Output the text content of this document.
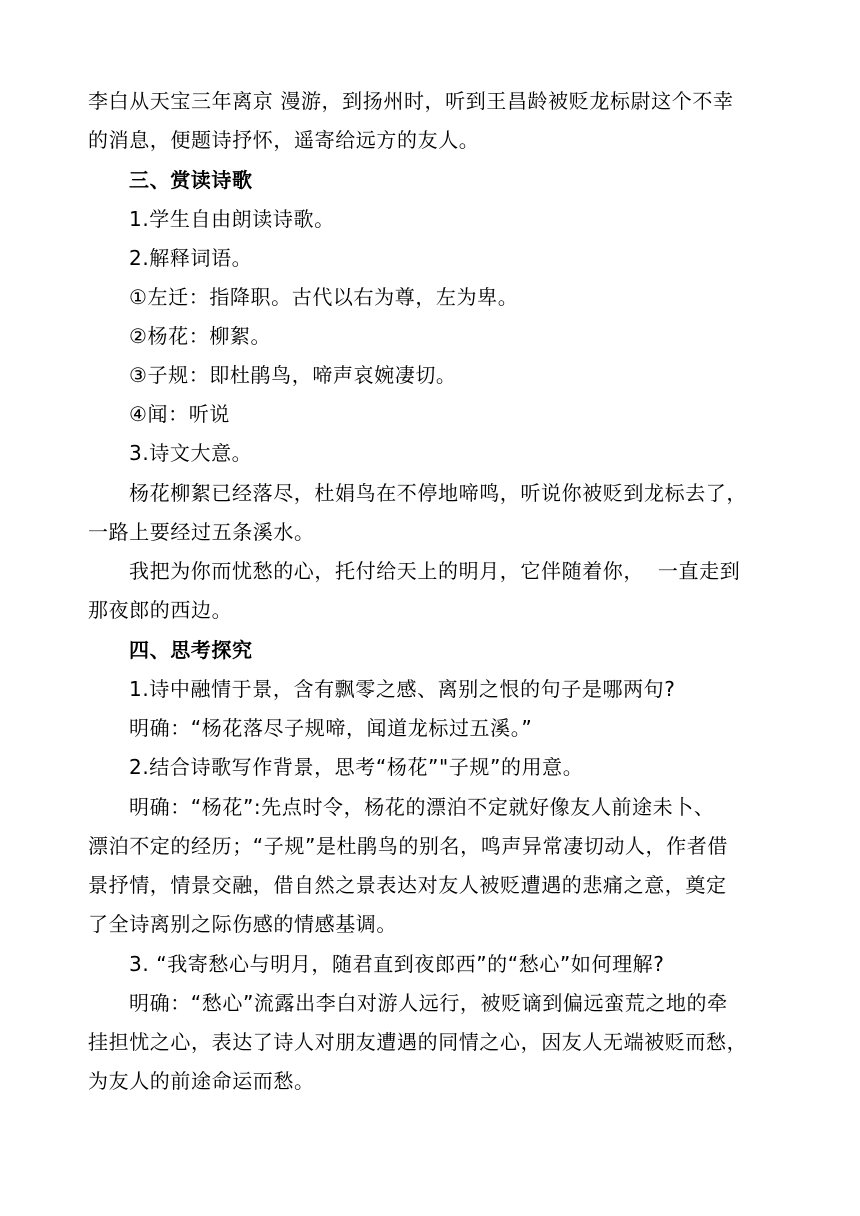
李白从天宝三年离京 漫游，到扬州时，听到王昌龄被贬龙标尉这个不幸
的消息，便题诗抒怀，遥寄给远方的友人。
三、赏读诗歌
1.学生自由朗读诗歌。
2.解释词语。
①左迁：指降职。古代以右为尊，左为卑。
②杨花：柳絮。
③子规：即杜鹃鸟，啼声哀婉凄切。
④闻：听说
3.诗文大意。
杨花柳絮已经落尽，杜娟鸟在不停地啼鸣，听说你被贬到龙标去了，
一路上要经过五条溪水。
我把为你而忧愁的心，托付给天上的明月，它伴随着你，  一直走到
那夜郎的西边。
四、思考探究
1.诗中融情于景，含有飘零之感、离别之恨的句子是哪两句?
明确：“杨花落尽子规啼，闻道龙标过五溪。”
2.结合诗歌写作背景，思考“杨花”"子规”的用意。
明确：“杨花”:先点时令，杨花的漂泊不定就好像友人前途未卜、
漂泊不定的经历；“子规”是杜鹃鸟的别名，鸣声异常凄切动人，作者借
景抒情，情景交融，借自然之景表达对友人被贬遭遇的悲痛之意，奠定
了全诗离别之际伤感的情感基调。
3. “我寄愁心与明月，随君直到夜郎西”的“愁心”如何理解?
明确：“愁心”流露出李白对游人远行，被贬谪到偏远蛮荒之地的牵
挂担忧之心，表达了诗人对朋友遭遇的同情之心，因友人无端被贬而愁，
为友人的前途命运而愁。
